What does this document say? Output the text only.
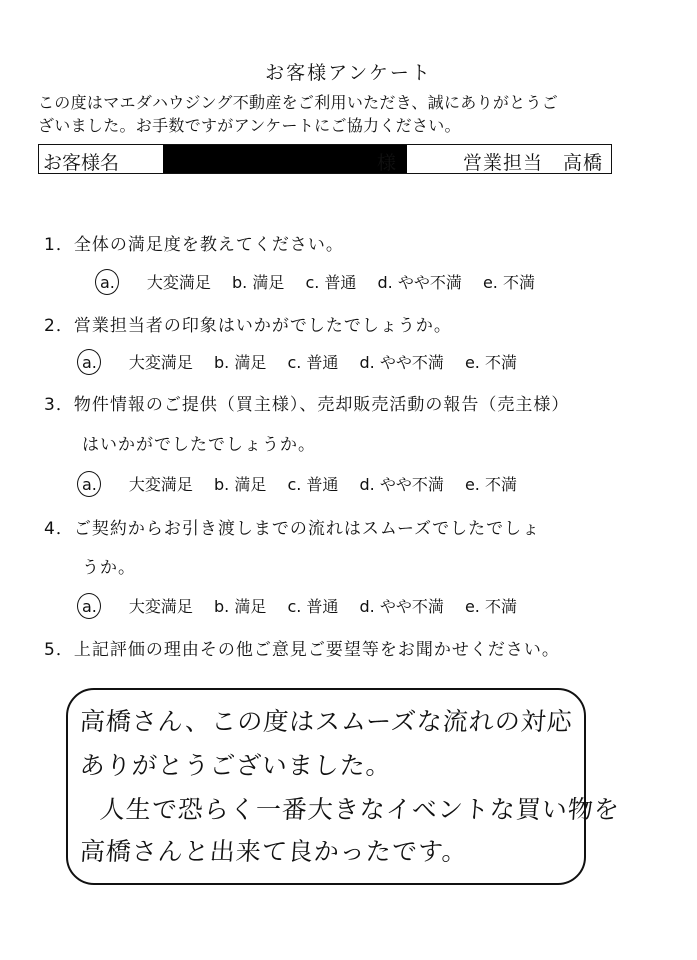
お客様アンケート
この度はマエダハウジング不動産をご利用いただき、誠にありがとうご
ざいました。お手数ですがアンケートにご協力ください。
お客様名	様	営業担当　高橋
1．全体の満足度を教えてください。
a. 大変満足 b. 満足 c. 普通 d. やや不満 e. 不満
2．営業担当者の印象はいかがでしたでしょうか。
a. 大変満足 b. 満足 c. 普通 d. やや不満 e. 不満
3．物件情報のご提供（買主様）、売却販売活動の報告（売主様）
はいかがでしたでしょうか。
a. 大変満足 b. 満足 c. 普通 d. やや不満 e. 不満
4．ご契約からお引き渡しまでの流れはスムーズでしたでしょ
うか。
a. 大変満足 b. 満足 c. 普通 d. やや不満 e. 不満
5．上記評価の理由その他ご意見ご要望等をお聞かせください。
高橋さん、この度はスムーズな流れの対応
ありがとうございました。
人生で恐らく一番大きなイベントな買い物を
高橋さんと出来て良かったです。
